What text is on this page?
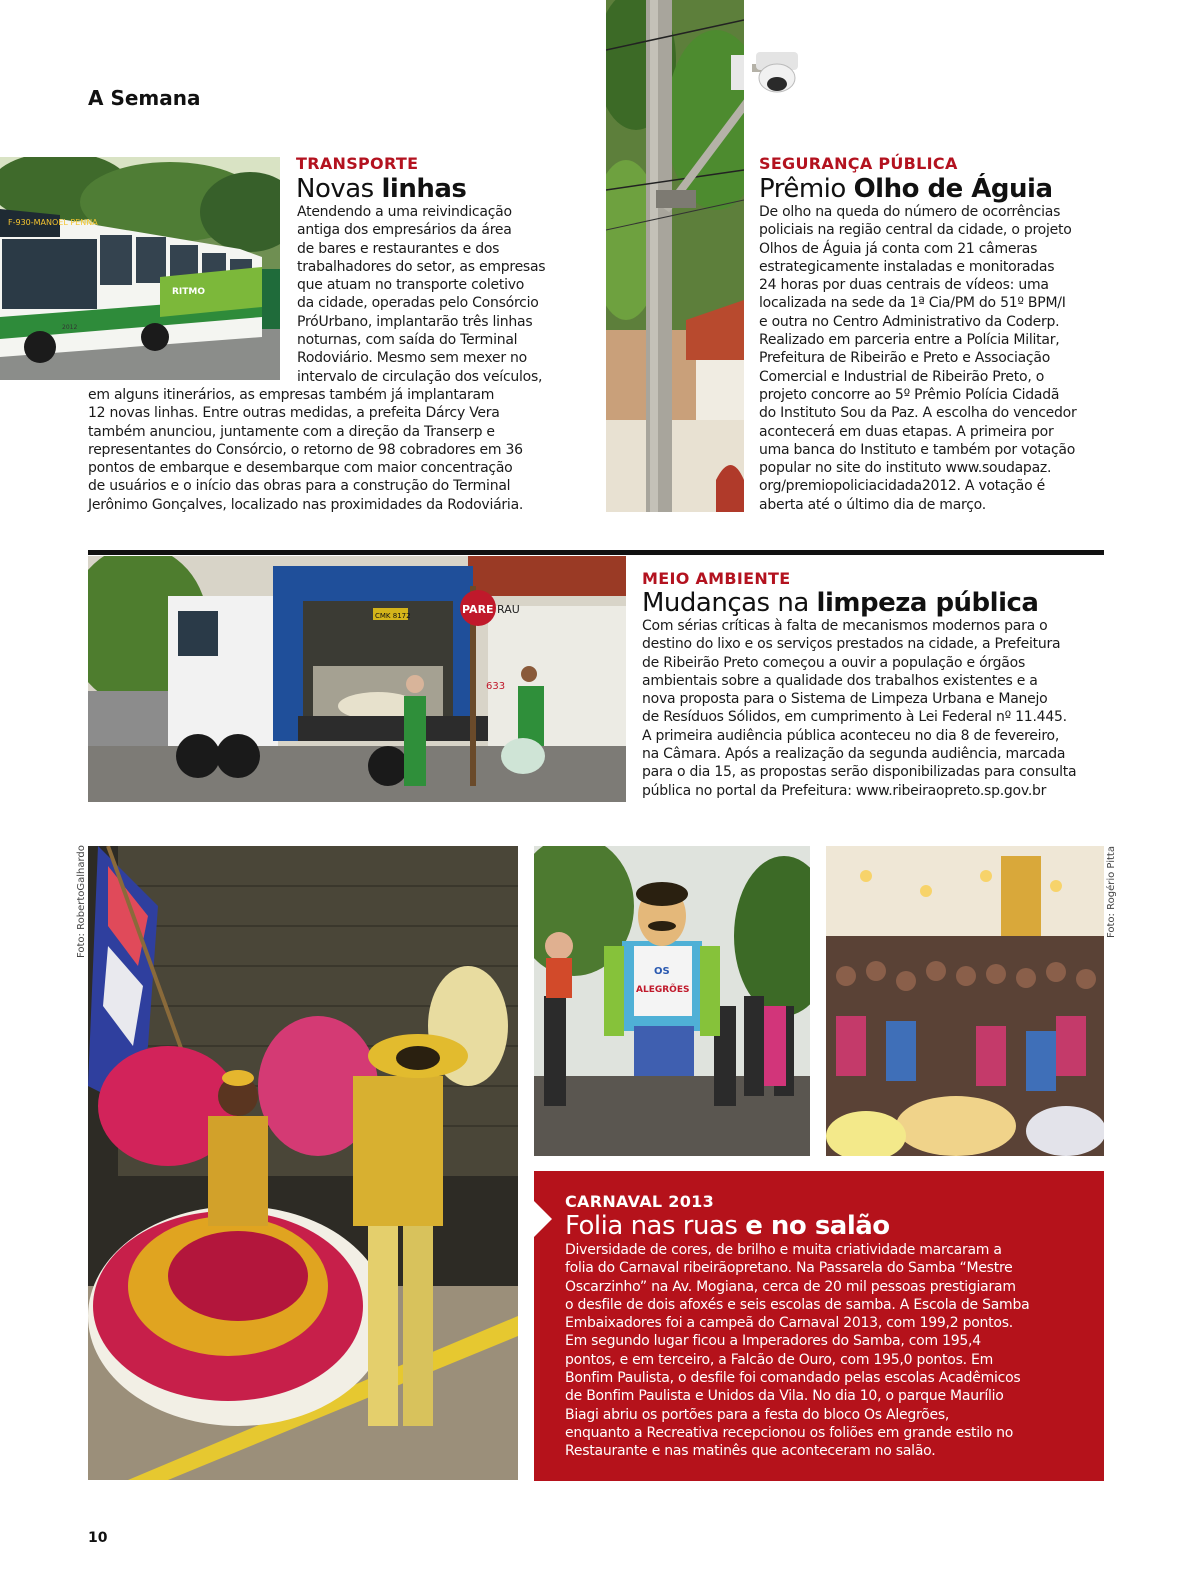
A Semana
F-930-MANOEL PENNA
RITMO
2012
TRANSPORTE
Novas linhas
Atendendo a uma reivindicação
antiga dos empresários da área
de bares e restaurantes e dos
trabalhadores do setor, as empresas
que atuam no transporte coletivo
da cidade, operadas pelo Consórcio
PróUrbano, implantarão três linhas
noturnas, com saída do Terminal
Rodoviário. Mesmo sem mexer no
intervalo de circulação dos veículos,
em alguns itinerários, as empresas também já implantaram
12 novas linhas. Entre outras medidas, a prefeita Dárcy Vera
também anunciou, juntamente com a direção da Transerp e
representantes do Consórcio, o retorno de 98 cobradores em 36
pontos de embarque e desembarque com maior concentração
de usuários e o início das obras para a construção do Terminal
Jerônimo Gonçalves, localizado nas proximidades da Rodoviária.
SEGURANÇA PÚBLICA
Prêmio Olho de Águia
De olho na queda do número de ocorrências
policiais na região central da cidade, o projeto
Olhos de Águia já conta com 21 câmeras
estrategicamente instaladas e monitoradas
24 horas por duas centrais de vídeos: uma
localizada na sede da 1ª Cia/PM do 51º BPM/I
e outra no Centro Administrativo da Coderp.
Realizado em parceria entre a Polícia Militar,
Prefeitura de Ribeirão e Preto e Associação
Comercial e Industrial de Ribeirão Preto, o
projeto concorre ao 5º Prêmio Polícia Cidadã
do Instituto Sou da Paz. A escolha do vencedor
acontecerá em duas etapas. A primeira por
uma banca do Instituto e também por votação
popular no site do instituto www.soudapaz.
org/premiopoliciacidada2012. A votação é
aberta até o último dia de março.
PARE
CMK 8172
633
RAU
MEIO AMBIENTE
Mudanças na limpeza pública
Com sérias críticas à falta de mecanismos modernos para o
destino do lixo e os serviços prestados na cidade, a Prefeitura
de Ribeirão Preto começou a ouvir a população e órgãos
ambientais sobre a qualidade dos trabalhos existentes e a
nova proposta para o Sistema de Limpeza Urbana e Manejo
de Resíduos Sólidos, em cumprimento à Lei Federal nº 11.445.
A primeira audiência pública aconteceu no dia 8 de fevereiro,
na Câmara. Após a realização da segunda audiência, marcada
para o dia 15, as propostas serão disponibilizadas para consulta
pública no portal da Prefeitura: www.ribeiraopreto.sp.gov.br
Foto: RobertoGalhardo
OS
ALEGRÕES
Foto: Rogério Pitta
CARNAVAL 2013
Folia nas ruas e no salão
Diversidade de cores, de brilho e muita criatividade marcaram a
folia do Carnaval ribeirãopretano. Na Passarela do Samba “Mestre
Oscarzinho” na Av. Mogiana, cerca de 20 mil pessoas prestigiaram
o desfile de dois afoxés e seis escolas de samba. A Escola de Samba
Embaixadores foi a campeã do Carnaval 2013, com 199,2 pontos.
Em segundo lugar ficou a Imperadores do Samba, com 195,4
pontos, e em terceiro, a Falcão de Ouro, com 195,0 pontos. Em
Bonfim Paulista, o desfile foi comandado pelas escolas Acadêmicos
de Bonfim Paulista e Unidos da Vila. No dia 10, o parque Maurílio
Biagi abriu os portões para a festa do bloco Os Alegrões,
enquanto a Recreativa recepcionou os foliões em grande estilo no
Restaurante e nas matinês que aconteceram no salão.
10
